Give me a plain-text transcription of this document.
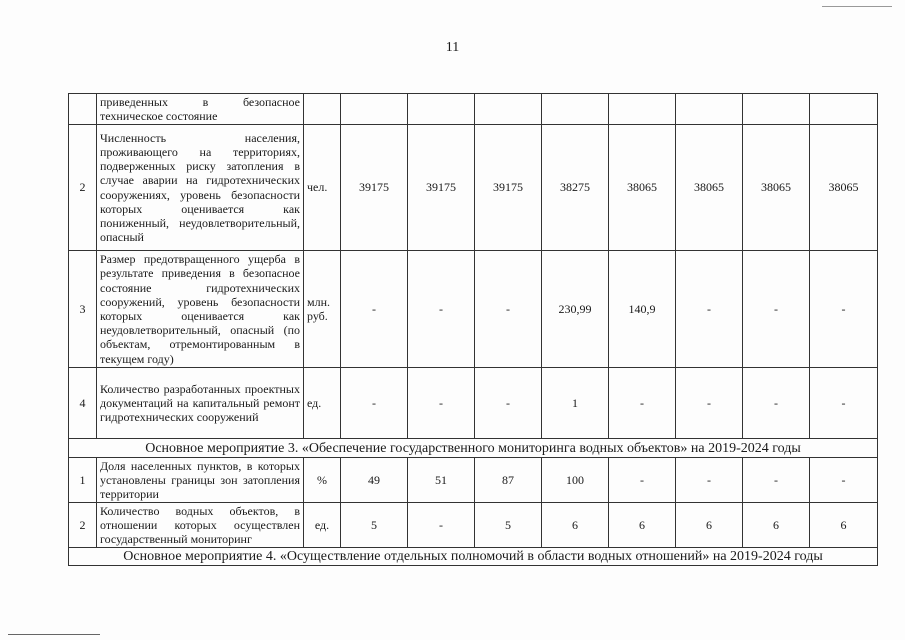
11
	приведенных в безопасное техническое состояние									
2	Численность населения, проживающего на территориях, подверженных риску затопления в случае аварии на гидротехнических сооружениях, уровень безопасности которых оценивается как пониженный, неудовлетворительный, опасный	чел.	39175	39175	39175	38275	38065	38065	38065	38065
3	Размер предотвращенного ущерба в результате приведения в безопасное состояние гидротехнических сооружений, уровень безопасности которых оценивается как неудовлетворительный, опасный (по объектам, отремонтированным в текущем году)	млн. руб.	-	-	-	230,99	140,9	-	-	-
4	Количество разработанных проектных документаций на капитальный ремонт гидротехнических сооружений	ед.	-	-	-	1	-	-	-	-
Основное мероприятие 3. «Обеспечение государственного мониторинга водных объектов» на 2019-2024 годы										
1	Доля населенных пунктов, в которых установлены границы зон затопления территории	%	49	51	87	100	-	-	-	-
2	Количество водных объектов, в отношении которых осуществлен государственный мониторинг	ед.	5	-	5	6	6	6	6	6
Основное мероприятие 4. «Осуществление отдельных полномочий в области водных отношений» на 2019-2024 годы										
